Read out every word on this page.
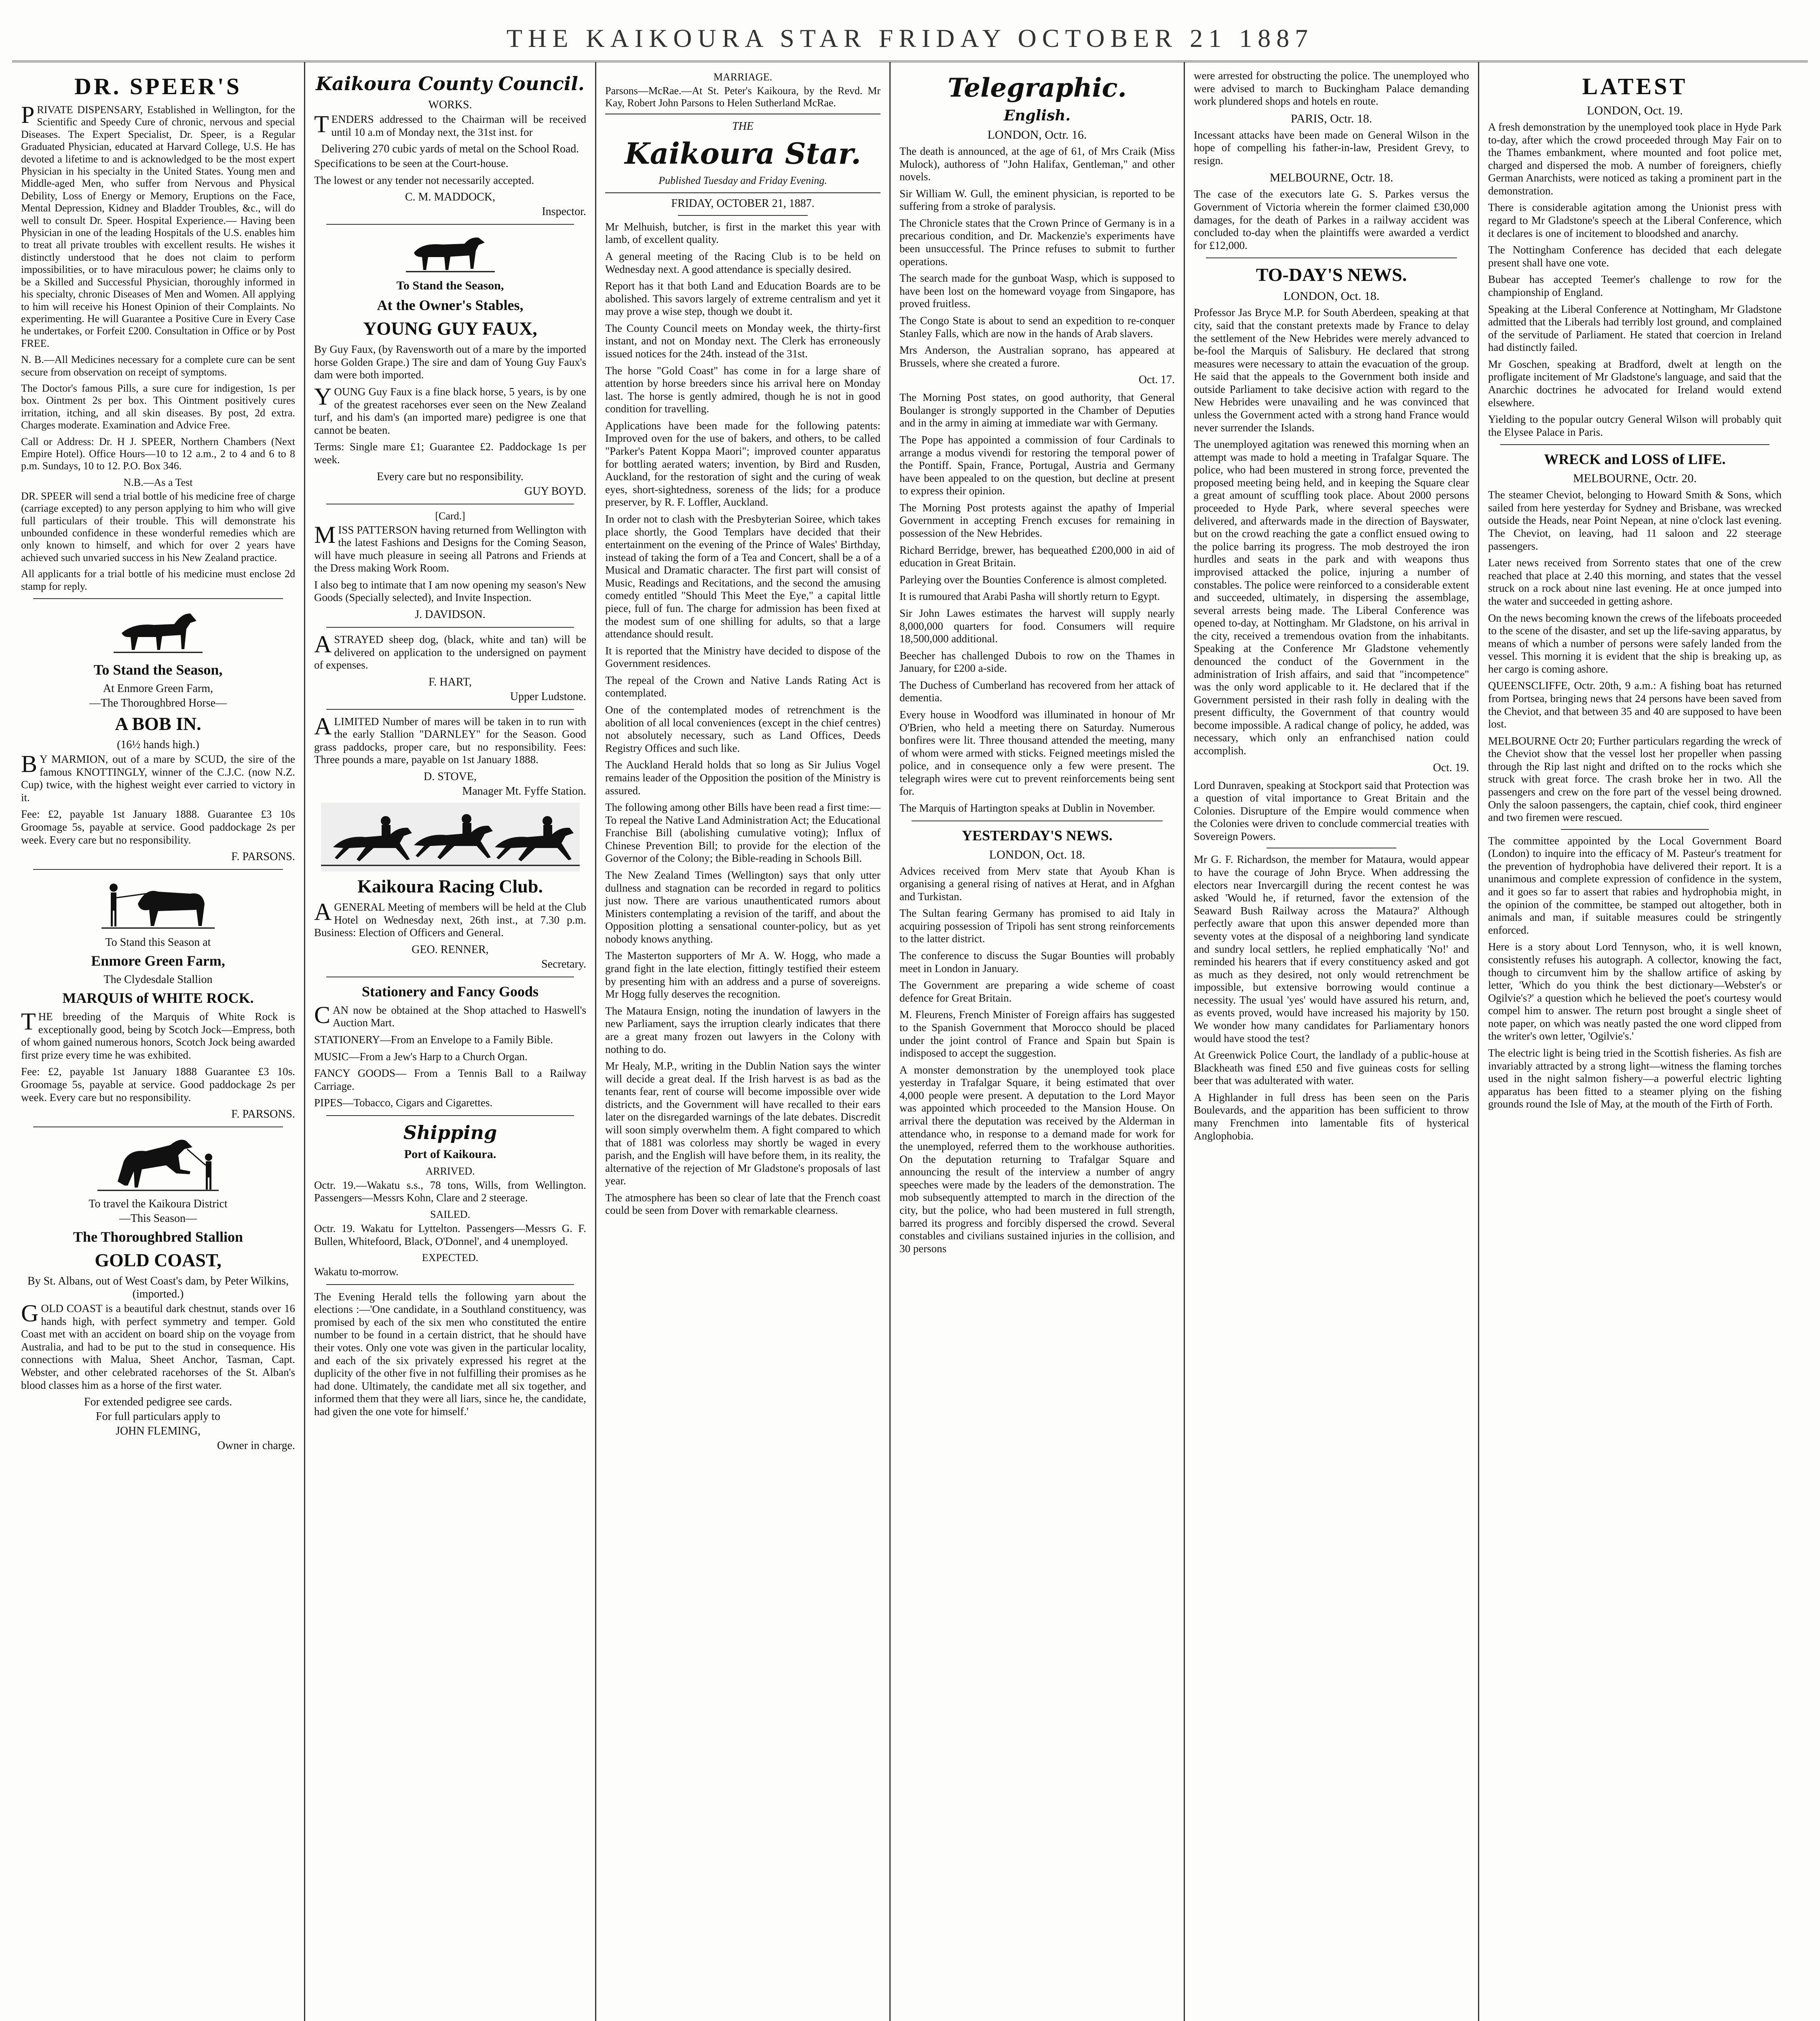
THE KAIKOURA STAR FRIDAY OCTOBER 21 1887
DR. SPEER'S

PRIVATE DISPENSARY, Established in Wellington, for the Scientific and Speedy Cure of chronic, nervous and special Diseases. The Expert Specialist, Dr. Speer, is a Regular Graduated Physician, educated at Harvard College, U.S. He has devoted a lifetime to and is acknowledged to be the most expert Physician in his specialty in the United States. Young men and Middle-aged Men, who suffer from Nervous and Physical Debility, Loss of Energy or Memory, Eruptions on the Face, Mental Depression, Kidney and Bladder Troubles, &c., will do well to consult Dr. Speer. Hospital Experience.— Having been Physician in one of the leading Hospitals of the U.S. enables him to treat all private troubles with excellent results. He wishes it distinctly understood that he does not claim to perform impossibilities, or to have miraculous power; he claims only to be a Skilled and Successful Physician, thoroughly informed in his specialty, chronic Diseases of Men and Women. All applying to him will receive his Honest Opinion of their Complaints. No experimenting. He will Guarantee a Positive Cure in Every Case he undertakes, or Forfeit £200. Consultation in Office or by Post FREE.

N. B.—All Medicines necessary for a complete cure can be sent secure from observation on receipt of symptoms.

The Doctor's famous Pills, a sure cure for indigestion, 1s per box. Ointment 2s per box. This Ointment positively cures irritation, itching, and all skin diseases. By post, 2d extra. Charges moderate. Examination and Advice Free.

Call or Address: Dr. H J. SPEER, Northern Chambers (Next Empire Hotel). Office Hours—10 to 12 a.m., 2 to 4 and 6 to 8 p.m. Sundays, 10 to 12. P.O. Box 346.

N.B.—As a Test

DR. SPEER will send a trial bottle of his medicine free of charge (carriage excepted) to any person applying to him who will give full particulars of their trouble. This will demonstrate his unbounded confidence in these wonderful remedies which are only known to himself, and which for over 2 years have achieved such unvaried success in his New Zealand practice.

All applicants for a trial bottle of his medicine must enclose 2d stamp for reply.

To Stand the Season,
At Enmore Green Farm,
—The Thoroughbred Horse—
A BOB IN.
(16½ hands high.)

BY MARMION, out of a mare by SCUD, the sire of the famous KNOTTINGLY, winner of the C.J.C. (now N.Z. Cup) twice, with the highest weight ever carried to victory in it.

Fee: £2, payable 1st January 1888. Guarantee £3 10s Groomage 5s, payable at service. Good paddockage 2s per week. Every care but no responsibility.

F. PARSONS.
To Stand this Season at
Enmore Green Farm,
The Clydesdale Stallion
MARQUIS of WHITE ROCK.

THE breeding of the Marquis of White Rock is exceptionally good, being by Scotch Jock—Empress, both of whom gained numerous honors, Scotch Jock being awarded first prize every time he was exhibited.

Fee: £2, payable 1st January 1888 Guarantee £3 10s. Groomage 5s, payable at service. Good paddockage 2s per week. Every care but no responsibility.

F. PARSONS.
To travel the Kaikoura District
—This Season—
The Thoroughbred Stallion
GOLD COAST,
By St. Albans, out of West Coast's dam, by Peter Wilkins, (imported.)

GOLD COAST is a beautiful dark chestnut, stands over 16 hands high, with perfect symmetry and temper. Gold Coast met with an accident on board ship on the voyage from Australia, and had to be put to the stud in consequence. His connections with Malua, Sheet Anchor, Tasman, Capt. Webster, and other celebrated racehorses of the St. Alban's blood classes him as a horse of the first water.

For extended pedigree see cards.
For full particulars apply to
JOHN FLEMING,
Owner in charge.
Kaikoura County Council.
WORKS.

TENDERS addressed to the Chairman will be received until 10 a.m of Monday next, the 31st inst. for

Delivering 270 cubic yards of metal on the School Road.

Specifications to be seen at the Court-house.

The lowest or any tender not necessarily accepted.

C. M. MADDOCK,
Inspector.
To Stand the Season,
At the Owner's Stables,
YOUNG GUY FAUX,

By Guy Faux, (by Ravensworth out of a mare by the imported horse Golden Grape.) The sire and dam of Young Guy Faux's dam were both imported.

YOUNG Guy Faux is a fine black horse, 5 years, is by one of the greatest racehorses ever seen on the New Zealand turf, and his dam's (an imported mare) pedigree is one that cannot be beaten.

Terms: Single mare £1; Guarantee £2. Paddockage 1s per week.

Every care but no responsibility.
GUY BOYD.
[Card.]

MISS PATTERSON having returned from Wellington with the latest Fashions and Designs for the Coming Season, will have much pleasure in seeing all Patrons and Friends at the Dress making Work Room.

I also beg to intimate that I am now opening my season's New Goods (Specially selected), and Invite Inspection.

J. DAVIDSON.

ASTRAYED sheep dog, (black, white and tan) will be delivered on application to the undersigned on payment of expenses.

F. HART,
Upper Ludstone.

ALIMITED Number of mares will be taken in to run with the early Stallion "DARNLEY" for the Season. Good grass paddocks, proper care, but no responsibility. Fees: Three pounds a mare, payable on 1st January 1888.

D. STOVE,
Manager Mt. Fyffe Station.
Kaikoura Racing Club.

AGENERAL Meeting of members will be held at the Club Hotel on Wednesday next, 26th inst., at 7.30 p.m. Business: Election of Officers and General.

GEO. RENNER,
Secretary.
Stationery and Fancy Goods

CAN now be obtained at the Shop attached to Haswell's Auction Mart.

STATIONERY—From an Envelope to a Family Bible.

MUSIC—From a Jew's Harp to a Church Organ.

FANCY GOODS— From a Tennis Ball to a Railway Carriage.

PIPES—Tobacco, Cigars and Cigarettes.

Shipping
Port of Kaikoura.
ARRIVED.

Octr. 19.—Wakatu s.s., 78 tons, Wills, from Wellington. Passengers—Messrs Kohn, Clare and 2 steerage.

SAILED.

Octr. 19. Wakatu for Lyttelton. Passengers—Messrs G. F. Bullen, Whitefoord, Black, O'Donnel', and 4 unemployed.

EXPECTED.

Wakatu to-morrow.

The Evening Herald tells the following yarn about the elections :—'One candidate, in a Southland constituency, was promised by each of the six men who constituted the entire number to be found in a certain district, that he should have their votes. Only one vote was given in the particular locality, and each of the six privately expressed his regret at the duplicity of the other five in not fulfilling their promises as he had done. Ultimately, the candidate met all six together, and informed them that they were all liars, since he, the candidate, had given the one vote for himself.'

MARRIAGE.

Parsons—McRae.—At St. Peter's Kaikoura, by the Revd. Mr Kay, Robert John Parsons to Helen Sutherland McRae.

THE
Kaikoura Star.
Published Tuesday and Friday Evening.
FRIDAY, OCTOBER 21, 1887.

Mr Melhuish, butcher, is first in the market this year with lamb, of excellent quality.

A general meeting of the Racing Club is to be held on Wednesday next. A good attendance is specially desired.

Report has it that both Land and Education Boards are to be abolished. This savors largely of extreme centralism and yet it may prove a wise step, though we doubt it.

The County Council meets on Monday week, the thirty-first instant, and not on Monday next. The Clerk has erroneously issued notices for the 24th. instead of the 31st.

The horse "Gold Coast" has come in for a large share of attention by horse breeders since his arrival here on Monday last. The horse is gently admired, though he is not in good condition for travelling.

Applications have been made for the following patents: Improved oven for the use of bakers, and others, to be called "Parker's Patent Koppa Maori"; improved counter apparatus for bottling aerated waters; invention, by Bird and Rusden, Auckland, for the restoration of sight and the curing of weak eyes, short-sightedness, soreness of the lids; for a produce preserver, by R. F. Loffler, Auckland.

In order not to clash with the Presbyterian Soiree, which takes place shortly, the Good Templars have decided that their entertainment on the evening of the Prince of Wales' Birthday, instead of taking the form of a Tea and Concert, shall be a of a Musical and Dramatic character. The first part will consist of Music, Readings and Recitations, and the second the amusing comedy entitled "Should This Meet the Eye," a capital little piece, full of fun. The charge for admission has been fixed at the modest sum of one shilling for adults, so that a large attendance should result.

It is reported that the Ministry have decided to dispose of the Government residences.

The repeal of the Crown and Native Lands Rating Act is contemplated.

One of the contemplated modes of retrenchment is the abolition of all local conveniences (except in the chief centres) not absolutely necessary, such as Land Offices, Deeds Registry Offices and such like.

The Auckland Herald holds that so long as Sir Julius Vogel remains leader of the Opposition the position of the Ministry is assured.

The following among other Bills have been read a first time:—To repeal the Native Land Administration Act; the Educational Franchise Bill (abolishing cumulative voting); Influx of Chinese Prevention Bill; to provide for the election of the Governor of the Colony; the Bible-reading in Schools Bill.

The New Zealand Times (Wellington) says that only utter dullness and stagnation can be recorded in regard to politics just now. There are various unauthenticated rumors about Ministers contemplating a revision of the tariff, and about the Opposition plotting a sensational counter-policy, but as yet nobody knows anything.

The Masterton supporters of Mr A. W. Hogg, who made a grand fight in the late election, fittingly testified their esteem by presenting him with an address and a purse of sovereigns. Mr Hogg fully deserves the recognition.

The Mataura Ensign, noting the inundation of lawyers in the new Parliament, says the irruption clearly indicates that there are a great many frozen out lawyers in the Colony with nothing to do.

Mr Healy, M.P., writing in the Dublin Nation says the winter will decide a great deal. If the Irish harvest is as bad as the tenants fear, rent of course will become impossible over wide districts, and the Government will have recalled to their ears later on the disregarded warnings of the late debates. Discredit will soon simply overwhelm them. A fight compared to which that of 1881 was colorless may shortly be waged in every parish, and the English will have before them, in its reality, the alternative of the rejection of Mr Gladstone's proposals of last year.

The atmosphere has been so clear of late that the French coast could be seen from Dover with remarkable clearness.

Telegraphic.
English.
LONDON, Octr. 16.

The death is announced, at the age of 61, of Mrs Craik (Miss Mulock), authoress of "John Halifax, Gentleman," and other novels.

Sir William W. Gull, the eminent physician, is reported to be suffering from a stroke of paralysis.

The Chronicle states that the Crown Prince of Germany is in a precarious condition, and Dr. Mackenzie's experiments have been unsuccessful. The Prince refuses to submit to further operations.

The search made for the gunboat Wasp, which is supposed to have been lost on the homeward voyage from Singapore, has proved fruitless.

The Congo State is about to send an expedition to re-conquer Stanley Falls, which are now in the hands of Arab slavers.

Mrs Anderson, the Australian soprano, has appeared at Brussels, where she created a furore.

Oct. 17.

The Morning Post states, on good authority, that General Boulanger is strongly supported in the Chamber of Deputies and in the army in aiming at immediate war with Germany.

The Pope has appointed a commission of four Cardinals to arrange a modus vivendi for restoring the temporal power of the Pontiff. Spain, France, Portugal, Austria and Germany have been appealed to on the question, but decline at present to express their opinion.

The Morning Post protests against the apathy of Imperial Government in accepting French excuses for remaining in possession of the New Hebrides.

Richard Berridge, brewer, has bequeathed £200,000 in aid of education in Great Britain.

Parleying over the Bounties Conference is almost completed.

It is rumoured that Arabi Pasha will shortly return to Egypt.

Sir John Lawes estimates the harvest will supply nearly 8,000,000 quarters for food. Consumers will require 18,500,000 additional.

Beecher has challenged Dubois to row on the Thames in January, for £200 a-side.

The Duchess of Cumberland has recovered from her attack of dementia.

Every house in Woodford was illuminated in honour of Mr O'Brien, who held a meeting there on Saturday. Numerous bonfires were lit. Three thousand attended the meeting, many of whom were armed with sticks. Feigned meetings misled the police, and in consequence only a few were present. The telegraph wires were cut to prevent reinforcements being sent for.

The Marquis of Hartington speaks at Dublin in November.

YESTERDAY'S NEWS.
LONDON, Oct. 18.

Advices received from Merv state that Ayoub Khan is organising a general rising of natives at Herat, and in Afghan and Turkistan.

The Sultan fearing Germany has promised to aid Italy in acquiring possession of Tripoli has sent strong reinforcements to the latter district.

The conference to discuss the Sugar Bounties will probably meet in London in January.

The Government are preparing a wide scheme of coast defence for Great Britain.

M. Fleurens, French Minister of Foreign affairs has suggested to the Spanish Government that Morocco should be placed under the joint control of France and Spain but Spain is indisposed to accept the suggestion.

A monster demonstration by the unemployed took place yesterday in Trafalgar Square, it being estimated that over 4,000 people were present. A deputation to the Lord Mayor was appointed which proceeded to the Mansion House. On arrival there the deputation was received by the Alderman in attendance who, in response to a demand made for work for the unemployed, referred them to the workhouse authorities. On the deputation returning to Trafalgar Square and announcing the result of the interview a number of angry speeches were made by the leaders of the demonstration. The mob subsequently attempted to march in the direction of the city, but the police, who had been mustered in full strength, barred its progress and forcibly dispersed the crowd. Several constables and civilians sustained injuries in the collision, and 30 persons

were arrested for obstructing the police. The unemployed who were advised to march to Buckingham Palace demanding work plundered shops and hotels en route.

PARIS, Octr. 18.

Incessant attacks have been made on General Wilson in the hope of compelling his father-in-law, President Grevy, to resign.

MELBOURNE, Octr. 18.

The case of the executors late G. S. Parkes versus the Government of Victoria wherein the former claimed £30,000 damages, for the death of Parkes in a railway accident was concluded to-day when the plaintiffs were awarded a verdict for £12,000.

TO-DAY'S NEWS.
LONDON, Oct. 18.

Professor Jas Bryce M.P. for South Aberdeen, speaking at that city, said that the constant pretexts made by France to delay the settlement of the New Hebrides were merely advanced to be-fool the Marquis of Salisbury. He declared that strong measures were necessary to attain the evacuation of the group. He said that the appeals to the Government both inside and outside Parliament to take decisive action with regard to the New Hebrides were unavailing and he was convinced that unless the Government acted with a strong hand France would never surrender the Islands.

The unemployed agitation was renewed this morning when an attempt was made to hold a meeting in Trafalgar Square. The police, who had been mustered in strong force, prevented the proposed meeting being held, and in keeping the Square clear a great amount of scuffling took place. About 2000 persons proceeded to Hyde Park, where several speeches were delivered, and afterwards made in the direction of Bayswater, but on the crowd reaching the gate a conflict ensued owing to the police barring its progress. The mob destroyed the iron hurdles and seats in the park and with weapons thus improvised attacked the police, injuring a number of constables. The police were reinforced to a considerable extent and succeeded, ultimately, in dispersing the assemblage, several arrests being made. The Liberal Conference was opened to-day, at Nottingham. Mr Gladstone, on his arrival in the city, received a tremendous ovation from the inhabitants. Speaking at the Conference Mr Gladstone vehemently denounced the conduct of the Government in the administration of Irish affairs, and said that "incompetence" was the only word applicable to it. He declared that if the Government persisted in their rash folly in dealing with the present difficulty, the Government of that country would become impossible. A radical change of policy, he added, was necessary, which only an enfranchised nation could accomplish.

Oct. 19.

Lord Dunraven, speaking at Stockport said that Protection was a question of vital importance to Great Britain and the Colonies. Disrupture of the Empire would commence when the Colonies were driven to conclude commercial treaties with Sovereign Powers.

Mr G. F. Richardson, the member for Mataura, would appear to have the courage of John Bryce. When addressing the electors near Invercargill during the recent contest he was asked 'Would he, if returned, favor the extension of the Seaward Bush Railway across the Mataura?' Although perfectly aware that upon this answer depended more than seventy votes at the disposal of a neighboring land syndicate and sundry local settlers, he replied emphatically 'No!' and reminded his hearers that if every constituency asked and got as much as they desired, not only would retrenchment be impossible, but extensive borrowing would continue a necessity. The usual 'yes' would have assured his return, and, as events proved, would have increased his majority by 150. We wonder how many candidates for Parliamentary honors would have stood the test?

At Greenwick Police Court, the landlady of a public-house at Blackheath was fined £50 and five guineas costs for selling beer that was adulterated with water.

A Highlander in full dress has been seen on the Paris Boulevards, and the apparition has been sufficient to throw many Frenchmen into lamentable fits of hysterical Anglophobia.

LATEST
LONDON, Oct. 19.

A fresh demonstration by the unemployed took place in Hyde Park to-day, after which the crowd proceeded through May Fair on to the Thames embankment, where mounted and foot police met, charged and dispersed the mob. A number of foreigners, chiefly German Anarchists, were noticed as taking a prominent part in the demonstration.

There is considerable agitation among the Unionist press with regard to Mr Gladstone's speech at the Liberal Conference, which it declares is one of incitement to bloodshed and anarchy.

The Nottingham Conference has decided that each delegate present shall have one vote.

Bubear has accepted Teemer's challenge to row for the championship of England.

Speaking at the Liberal Conference at Nottingham, Mr Gladstone admitted that the Liberals had terribly lost ground, and complained of the servitude of Parliament. He stated that coercion in Ireland had distinctly failed.

Mr Goschen, speaking at Bradford, dwelt at length on the profligate incitement of Mr Gladstone's language, and said that the Anarchic doctrines he advocated for Ireland would extend elsewhere.

Yielding to the popular outcry General Wilson will probably quit the Elysee Palace in Paris.

WRECK and LOSS of LIFE.
MELBOURNE, Octr. 20.

The steamer Cheviot, belonging to Howard Smith & Sons, which sailed from here yesterday for Sydney and Brisbane, was wrecked outside the Heads, near Point Nepean, at nine o'clock last evening. The Cheviot, on leaving, had 11 saloon and 22 steerage passengers.

Later news received from Sorrento states that one of the crew reached that place at 2.40 this morning, and states that the vessel struck on a rock about nine last evening. He at once jumped into the water and succeeded in getting ashore.

On the news becoming known the crews of the lifeboats proceeded to the scene of the disaster, and set up the life-saving apparatus, by means of which a number of persons were safely landed from the vessel. This morning it is evident that the ship is breaking up, as her cargo is coming ashore.

QUEENSCLIFFE, Octr. 20th, 9 a.m.: A fishing boat has returned from Portsea, bringing news that 24 persons have been saved from the Cheviot, and that between 35 and 40 are supposed to have been lost.

MELBOURNE Octr 20; Further particulars regarding the wreck of the Cheviot show that the vessel lost her propeller when passing through the Rip last night and drifted on to the rocks which she struck with great force. The crash broke her in two. All the passengers and crew on the fore part of the vessel being drowned. Only the saloon passengers, the captain, chief cook, third engineer and two firemen were rescued.

The committee appointed by the Local Government Board (London) to inquire into the efficacy of M. Pasteur's treatment for the prevention of hydrophobia have delivered their report. It is a unanimous and complete expression of confidence in the system, and it goes so far to assert that rabies and hydrophobia might, in the opinion of the committee, be stamped out altogether, both in animals and man, if suitable measures could be stringently enforced.

Here is a story about Lord Tennyson, who, it is well known, consistently refuses his autograph. A collector, knowing the fact, though to circumvent him by the shallow artifice of asking by letter, 'Which do you think the best dictionary—Webster's or Ogilvie's?' a question which he believed the poet's courtesy would compel him to answer. The return post brought a single sheet of note paper, on which was neatly pasted the one word clipped from the writer's own letter, 'Ogilvie's.'

The electric light is being tried in the Scottish fisheries. As fish are invariably attracted by a strong light—witness the flaming torches used in the night salmon fishery—a powerful electric lighting apparatus has been fitted to a steamer plying on the fishing grounds round the Isle of May, at the mouth of the Firth of Forth.
